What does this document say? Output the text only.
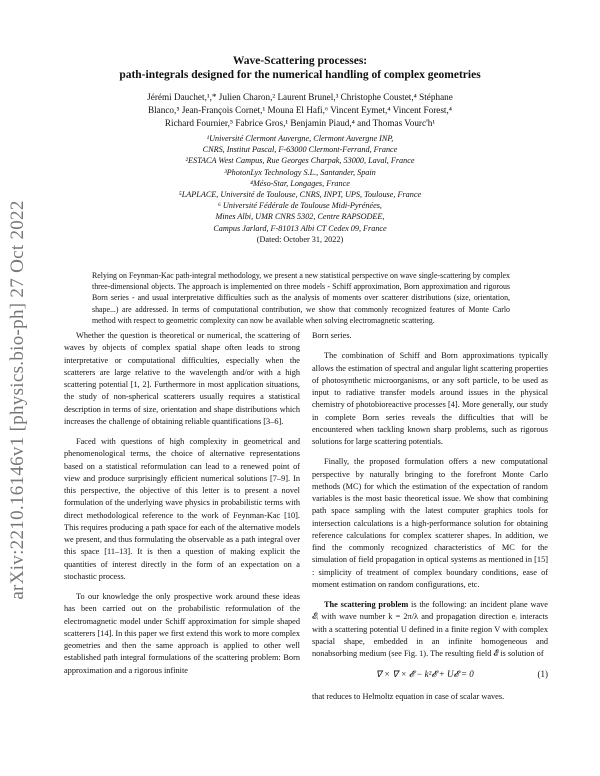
arXiv:2210.16146v1 [physics.bio-ph] 27 Oct 2022
Wave-Scattering processes:
path-integrals designed for the numerical handling of complex geometries
Jérémi Dauchet,¹,* Julien Charon,² Laurent Brunel,³ Christophe Coustet,⁴ Stéphane
Blanco,⁵ Jean-François Cornet,¹ Mouna El Hafi,⁶ Vincent Eymet,⁴ Vincent Forest,⁴
Richard Fournier,⁵ Fabrice Gros,¹ Benjamin Piaud,⁴ and Thomas Vourc'h¹
¹Université Clermont Auvergne, Clermont Auvergne INP,
CNRS, Institut Pascal, F-63000 Clermont-Ferrand, France
²ESTACA West Campus, Rue Georges Charpak, 53000, Laval, France
³PhotonLyx Technology S.L., Santander, Spain
⁴Méso-Star, Longages, France
⁵LAPLACE, Université de Toulouse, CNRS, INPT, UPS, Toulouse, France
⁶ Université Fédérale de Toulouse Midi-Pyrénées,
Mines Albi, UMR CNRS 5302, Centre RAPSODEE,
Campus Jarlard, F-81013 Albi CT Cedex 09, France
(Dated: October 31, 2022)
Relying on Feynman-Kac path-integral methodology, we present a new statistical perspective on wave single-scattering by complex three-dimensional objects. The approach is implemented on three models - Schiff approximation, Born approximation and rigorous Born series - and usual interpretative difficulties such as the analysis of moments over scatterer distributions (size, orientation, shape...) are addressed. In terms of computational contribution, we show that commonly recognized features of Monte Carlo method with respect to geometric complexity can now be available when solving electromagnetic scattering.

Whether the question is theoretical or numerical, the scattering of waves by objects of complex spatial shape often leads to strong interpretative or computational difficulties, especially when the scatterers are large relative to the wavelength and/or with a high scattering potential [1, 2]. Furthermore in most application situations, the study of non-spherical scatterers usually requires a statistical description in terms of size, orientation and shape distributions which increases the challenge of obtaining reliable quantifications [3–6].

Faced with questions of high complexity in geometrical and phenomenological terms, the choice of alternative representations based on a statistical reformulation can lead to a renewed point of view and produce surprisingly efficient numerical solutions [7–9]. In this perspective, the objective of this letter is to present a novel formulation of the underlying wave physics in probabilistic terms with direct methodological reference to the work of Feynman-Kac [10]. This requires producing a path space for each of the alternative models we present, and thus formulating the observable as a path integral over this space [11–13]. It is then a question of making explicit the quantities of interest directly in the form of an expectation on a stochastic process.

To our knowledge the only prospective work around these ideas has been carried out on the probabilistic reformulation of the electromagnetic model under Schiff approximation for simple shaped scatterers [14]. In this paper we first extend this work to more complex geometries and then the same approach is applied to other well established path integral formulations of the scattering problem: Born approximation and a rigorous infinite

Born series.

The combination of Schiff and Born approximations typically allows the estimation of spectral and angular light scattering properties of photosynthetic microorganisms, or any soft particle, to be used as input to radiative transfer models around issues in the physical chemistry of photobioreactive processes [4]. More generally, our study in complete Born series reveals the difficulties that will be encountered when tackling known sharp problems, such as rigorous solutions for large scattering potentials.

Finally, the proposed formulation offers a new computational perspective by naturally bringing to the forefront Monte Carlo methods (MC) for which the estimation of the expectation of random variables is the most basic theoretical issue. We show that combining path space sampling with the latest computer graphics tools for intersection calculations is a high-performance solution for obtaining reference calculations for complex scatterer shapes. In addition, we find the commonly recognized characteristics of MC for the simulation of field propagation in optical systems as mentioned in [15] : simplicity of treatment of complex boundary conditions, ease of moment estimation on random configurations, etc.

The scattering problem is the following: an incident plane wave 𝓔ᵢ with wave number k = 2π/λ and propagation direction eᵢ interacts with a scattering potential U defined in a finite region V with complex spacial shape, embedded in an infinite homogeneous and nonabsorbing medium (see Fig. 1). The resulting field 𝓔 is solution of

∇ × ∇ × 𝓔 − k²𝓔 + U𝓔 = 0	(1)

that reduces to Helmoltz equation in case of scalar waves.
